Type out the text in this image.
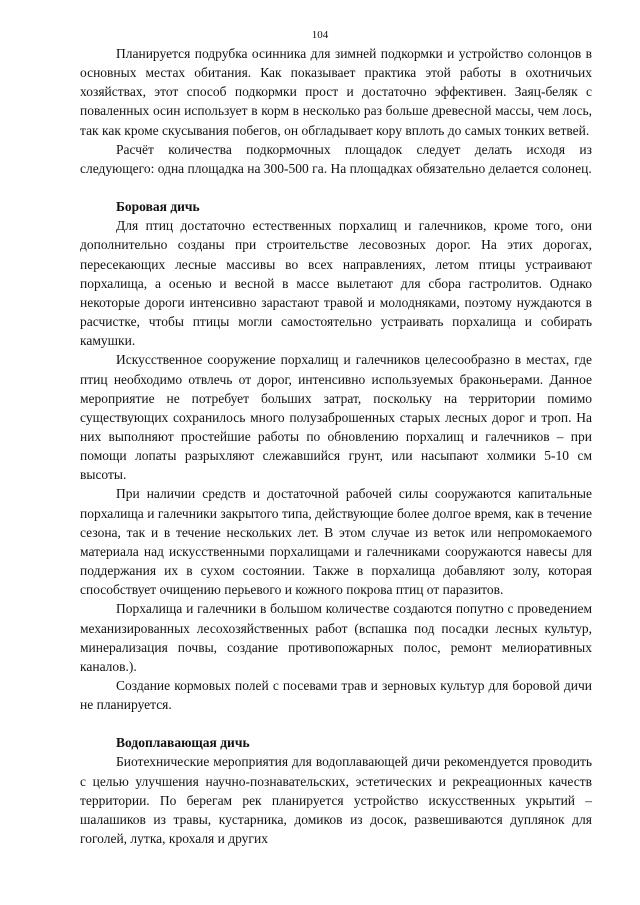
104

Планируется подрубка осинника для зимней подкормки и устройство солонцов в основных местах обитания. Как показывает практика этой работы в охотничьих хозяйствах, этот способ подкормки прост и достаточно эффективен. Заяц-беляк с поваленных осин использует в корм в несколько раз больше древесной массы, чем лось, так как кроме скусывания побегов, он обгладывает кору вплоть до самых тонких ветвей.

Расчёт количества подкормочных площадок следует делать исходя из следующего: одна площадка на 300-500 га. На площадках обязательно делается солонец.

Боровая дичь

Для птиц достаточно естественных порхалищ и галечников, кроме того, они дополнительно созданы при строительстве лесовозных дорог. На этих дорогах, пересекающих лесные массивы во всех направлениях, летом птицы устраивают порхалища, а осенью и весной в массе вылетают для сбора гастролитов. Однако некоторые дороги интенсивно зарастают травой и молодняками, поэтому нуждаются в расчистке, чтобы птицы могли самостоятельно устраивать порхалища и собирать камушки.

Искусственное сооружение порхалищ и галечников целесообразно в местах, где птиц необходимо отвлечь от дорог, интенсивно используемых браконьерами. Данное мероприятие не потребует больших затрат, поскольку на территории помимо существующих сохранилось много полузаброшенных старых лесных дорог и троп. На них выполняют простейшие работы по обновлению порхалищ и галечников – при помощи лопаты разрыхляют слежавшийся грунт, или насыпают холмики 5-10 см высоты.

При наличии средств и достаточной рабочей силы сооружаются капитальные порхалища и галечники закрытого типа, действующие более долгое время, как в течение сезона, так и в течение нескольких лет. В этом случае из веток или непромокаемого материала над искусственными порхалищами и галечниками сооружаются навесы для поддержания их в сухом состоянии. Также в порхалища добавляют золу, которая способствует очищению перьевого и кожного покрова птиц от паразитов.

Порхалища и галечники в большом количестве создаются попутно с проведением механизированных лесохозяйственных работ (вспашка под посадки лесных культур, минерализация почвы, создание противопожарных полос, ремонт мелиоративных каналов.).

Создание кормовых полей с посевами трав и зерновых культур для боровой дичи не планируется.

Водоплавающая дичь

Биотехнические мероприятия для водоплавающей дичи рекомендуется проводить с целью улучшения научно-познавательских, эстетических и рекреационных качеств территории. По берегам рек планируется устройство искусственных укрытий – шалашиков из травы, кустарника, домиков из досок, развешиваются дуплянок для гоголей, лутка, крохаля и других
